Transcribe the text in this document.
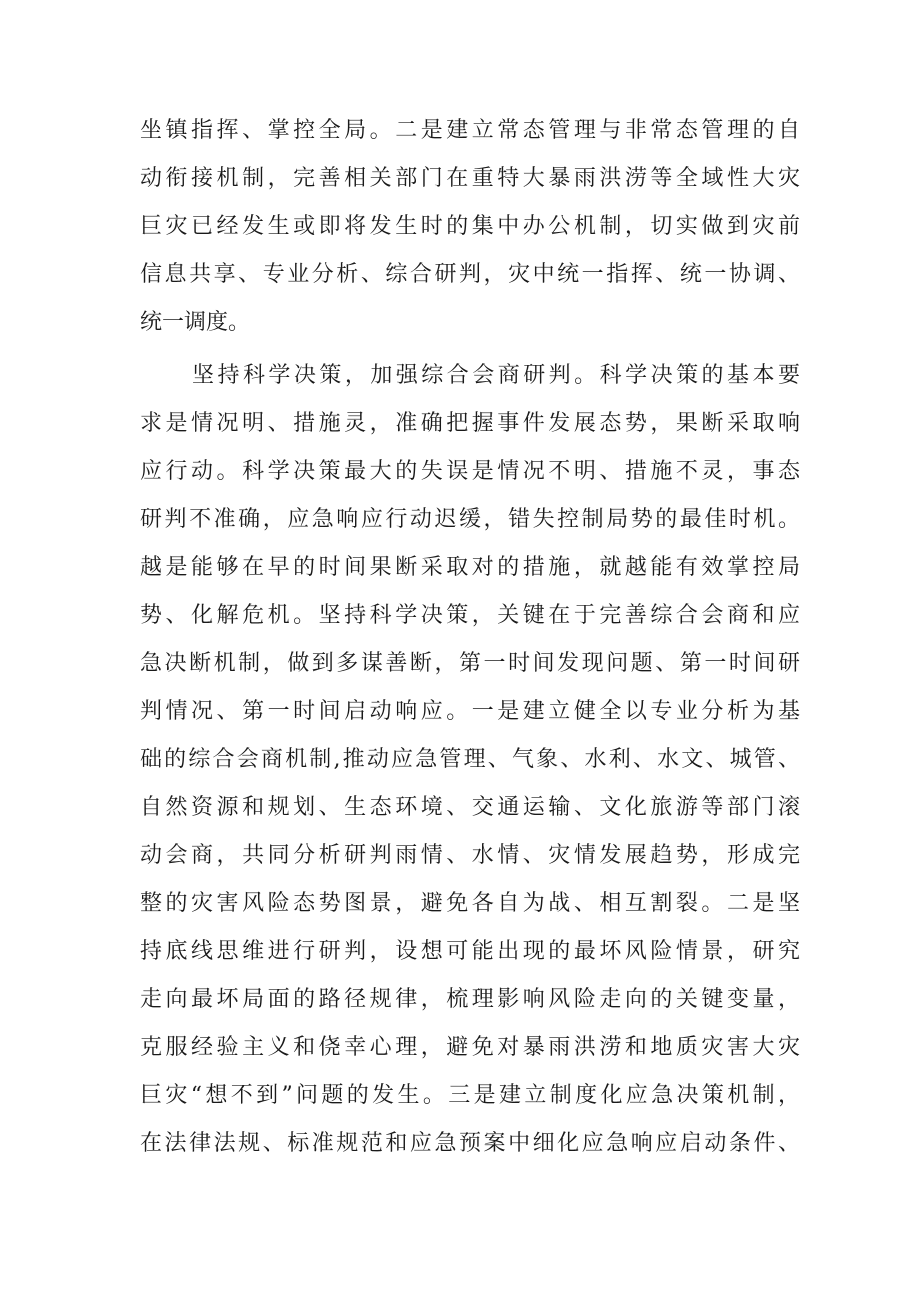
坐镇指挥、掌控全局。二是建立常态管理与非常态管理的自
动衔接机制，完善相关部门在重特大暴雨洪涝等全域性大灾
巨灾已经发生或即将发生时的集中办公机制，切实做到灾前
信息共享、专业分析、综合研判，灾中统一指挥、统一协调、
统一调度。
坚持科学决策，加强综合会商研判。科学决策的基本要
求是情况明、措施灵，准确把握事件发展态势，果断采取响
应行动。科学决策最大的失误是情况不明、措施不灵，事态
研判不准确，应急响应行动迟缓，错失控制局势的最佳时机。
越是能够在早的时间果断采取对的措施，就越能有效掌控局
势、化解危机。坚持科学决策，关键在于完善综合会商和应
急决断机制，做到多谋善断，第一时间发现问题、第一时间研
判情况、第一时间启动响应。一是建立健全以专业分析为基
础的综合会商机制,推动应急管理、气象、水利、水文、城管、
自然资源和规划、生态环境、交通运输、文化旅游等部门滚
动会商，共同分析研判雨情、水情、灾情发展趋势，形成完
整的灾害风险态势图景，避免各自为战、相互割裂。二是坚
持底线思维进行研判，设想可能出现的最坏风险情景，研究
走向最坏局面的路径规律，梳理影响风险走向的关键变量，
克服经验主义和侥幸心理，避免对暴雨洪涝和地质灾害大灾
巨灾“想不到”问题的发生。三是建立制度化应急决策机制，
在法律法规、标准规范和应急预案中细化应急响应启动条件、
